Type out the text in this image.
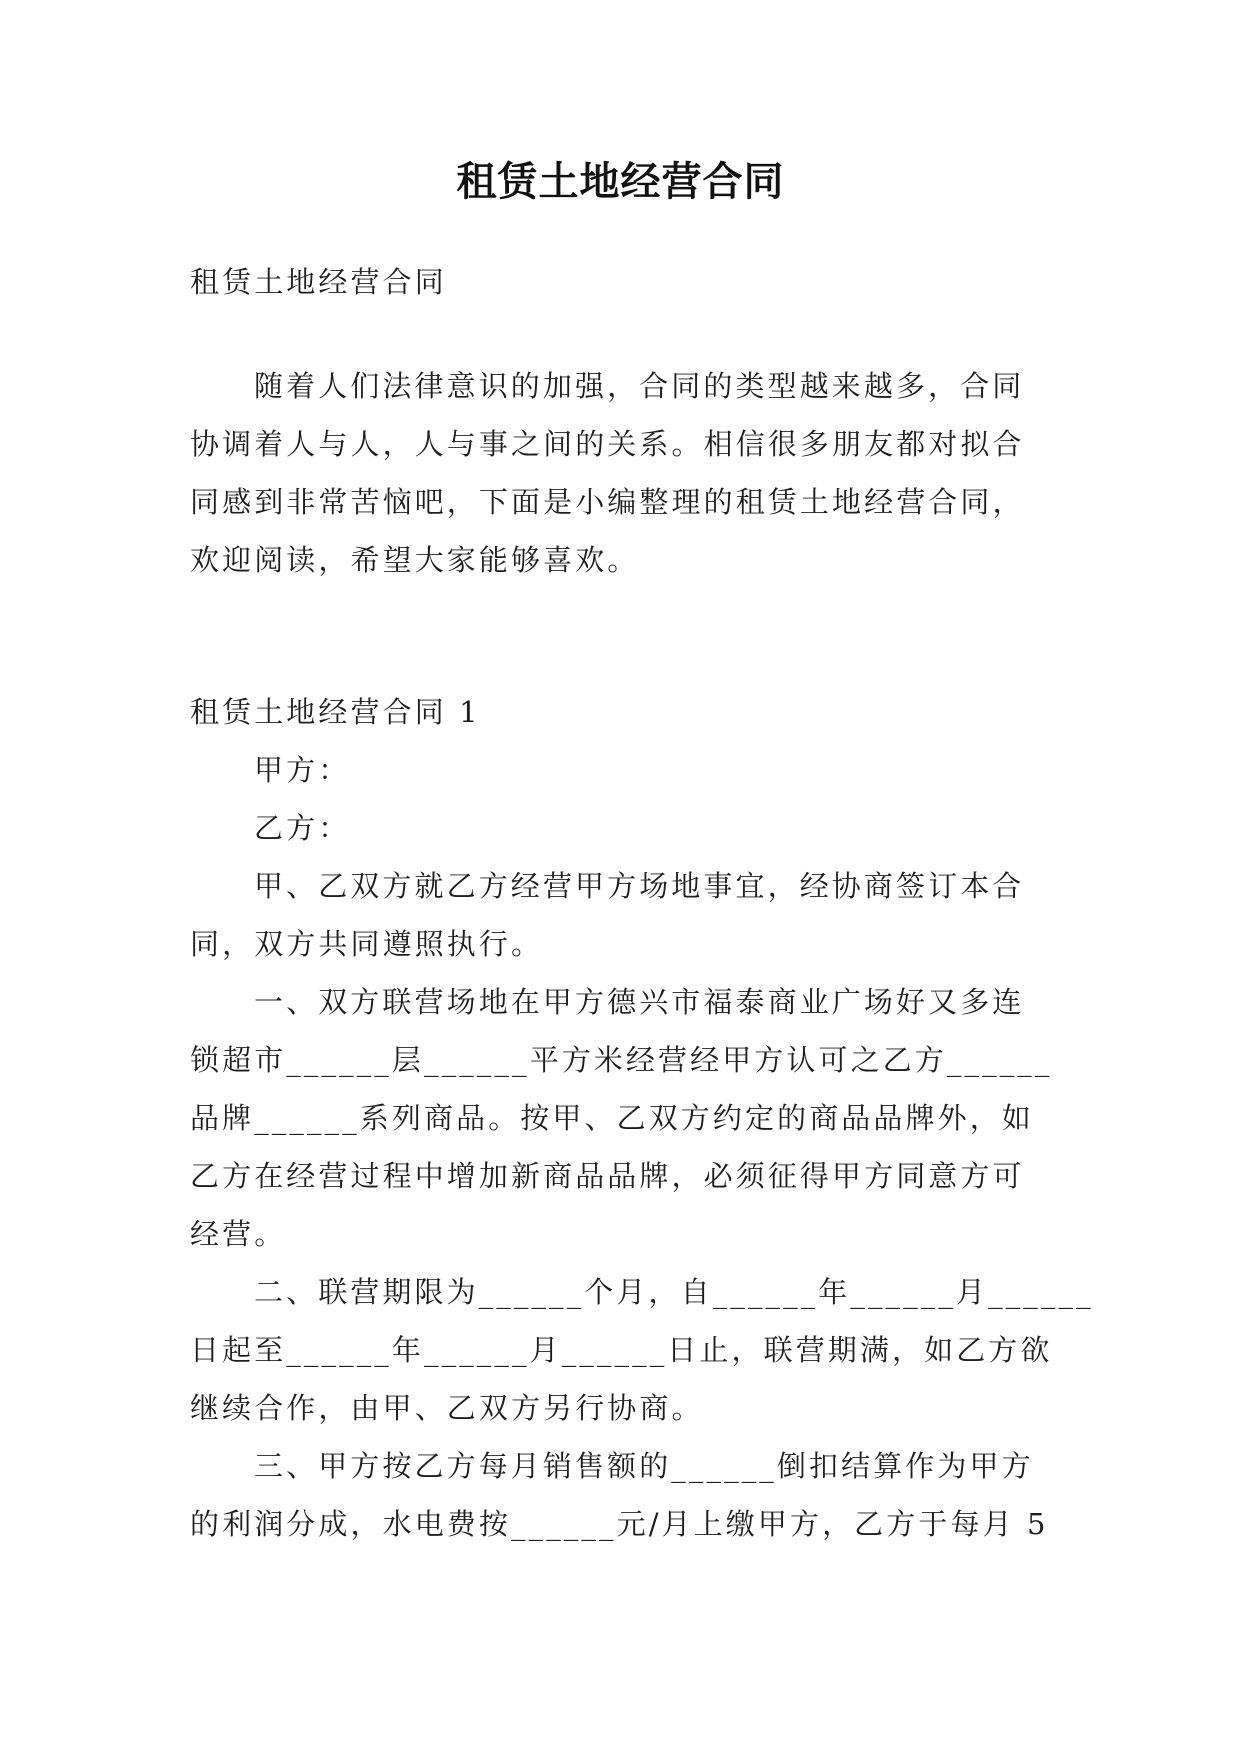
租赁土地经营合同
租赁土地经营合同
随着人们法律意识的加强，合同的类型越来越多，合同
协调着人与人，人与事之间的关系。相信很多朋友都对拟合
同感到非常苦恼吧，下面是小编整理的租赁土地经营合同，
欢迎阅读，希望大家能够喜欢。
租赁土地经营合同 1
甲方：
乙方：
甲、乙双方就乙方经营甲方场地事宜，经协商签订本合
同，双方共同遵照执行。
一、双方联营场地在甲方德兴市福泰商业广场好又多连
锁超市______层______平方米经营经甲方认可之乙方______
品牌______系列商品。按甲、乙双方约定的商品品牌外，如
乙方在经营过程中增加新商品品牌，必须征得甲方同意方可
经营。
二、联营期限为______个月，自______年______月______
日起至______年______月______日止，联营期满，如乙方欲
继续合作，由甲、乙双方另行协商。
三、甲方按乙方每月销售额的______倒扣结算作为甲方
的利润分成，水电费按______元/月上缴甲方，乙方于每月 5
